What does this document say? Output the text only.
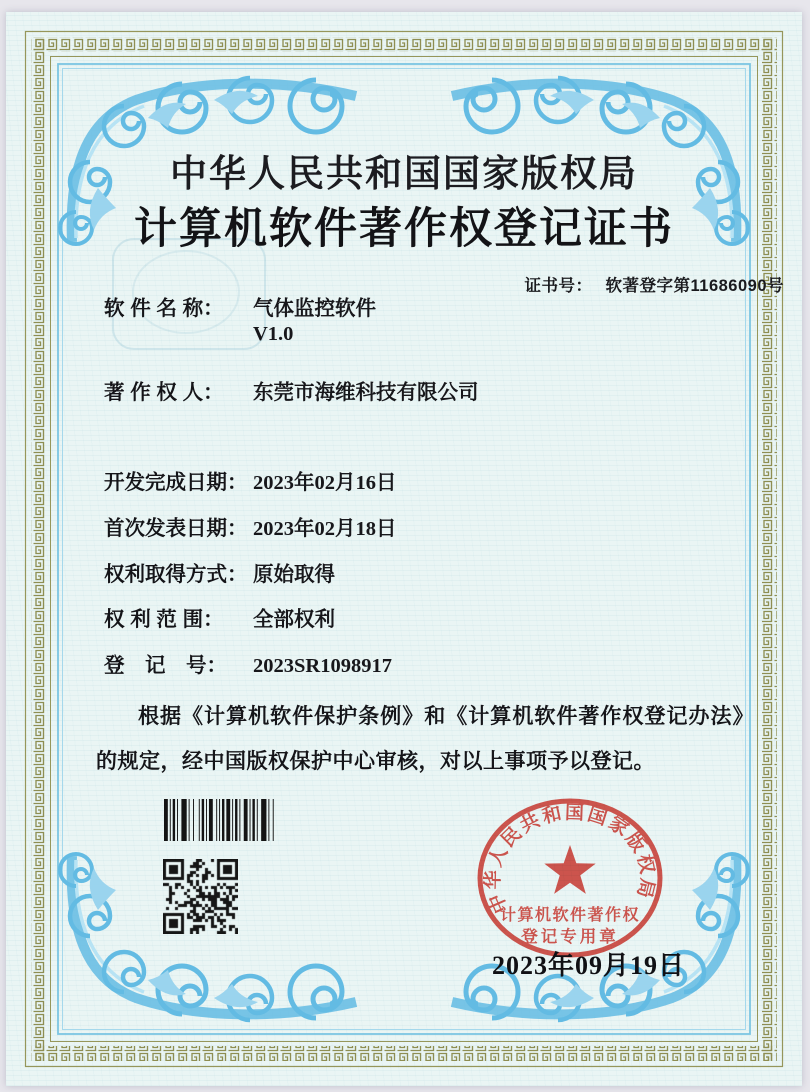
中华人民共和国国家版权局
计算机软件著作权登记证书

证书号： 软著登字第11686090号

软 件 名 称： 气体监控软件
V1.0
著 作 权 人： 东莞市海维科技有限公司
开发完成日期： 2023年02月16日
首次发表日期： 2023年02月18日
权利取得方式： 原始取得
权 利 范 围： 全部权利
登　记　号： 2023SR1098917

根据《计算机软件保护条例》和《计算机软件著作权登记办法》的规定，经中国版权保护中心审核，对以上事项予以登记。

中华人民共和国国家版权局
计算机软件著作权
登记专用章
2023年09月19日
